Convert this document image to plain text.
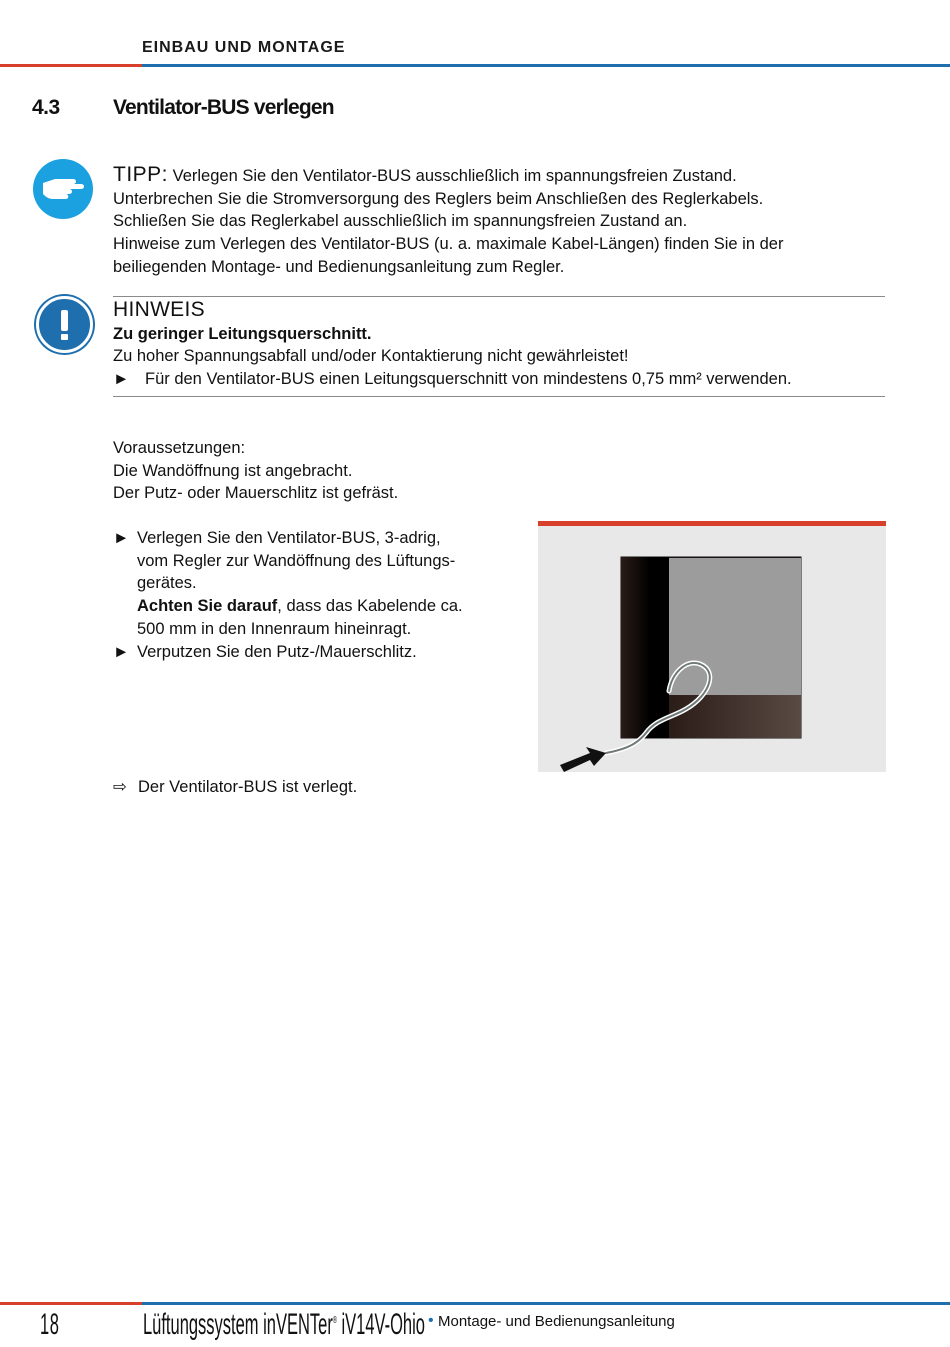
EINBAU UND MONTAGE
4.3	Ventilator-BUS verlegen
TIPP: Verlegen Sie den Ventilator-BUS ausschließlich im spannungsfreien Zustand.
Unterbrechen Sie die Stromversorgung des Reglers beim Anschließen des Reglerkabels.
Schließen Sie das Reglerkabel ausschließlich im spannungsfreien Zustand an.
Hinweise zum Verlegen des Ventilator-BUS (u. a. maximale Kabel-Längen) finden Sie in der
beiliegenden Montage- und Bedienungsanleitung zum Regler.
HINWEIS
Zu geringer Leitungsquerschnitt.
Zu hoher Spannungsabfall und/oder Kontaktierung nicht gewährleistet!
► Für den Ventilator-BUS einen Leitungsquerschnitt von mindestens 0,75 mm² verwenden.
Voraussetzungen:
Die Wandöffnung ist angebracht.
Der Putz- oder Mauerschlitz ist gefräst.
► Verlegen Sie den Ventilator-BUS, 3-adrig,
vom Regler zur Wandöffnung des Lüftungs-
gerätes.
Achten Sie darauf, dass das Kabelende ca.
500 mm in den Innenraum hineinragt.
► Verputzen Sie den Putz-/Mauerschlitz.
⇨ Der Ventilator-BUS ist verlegt.
18	Lüftungssystem inVENTer® iV14V-Ohio • Montage- und Bedienungsanleitung
